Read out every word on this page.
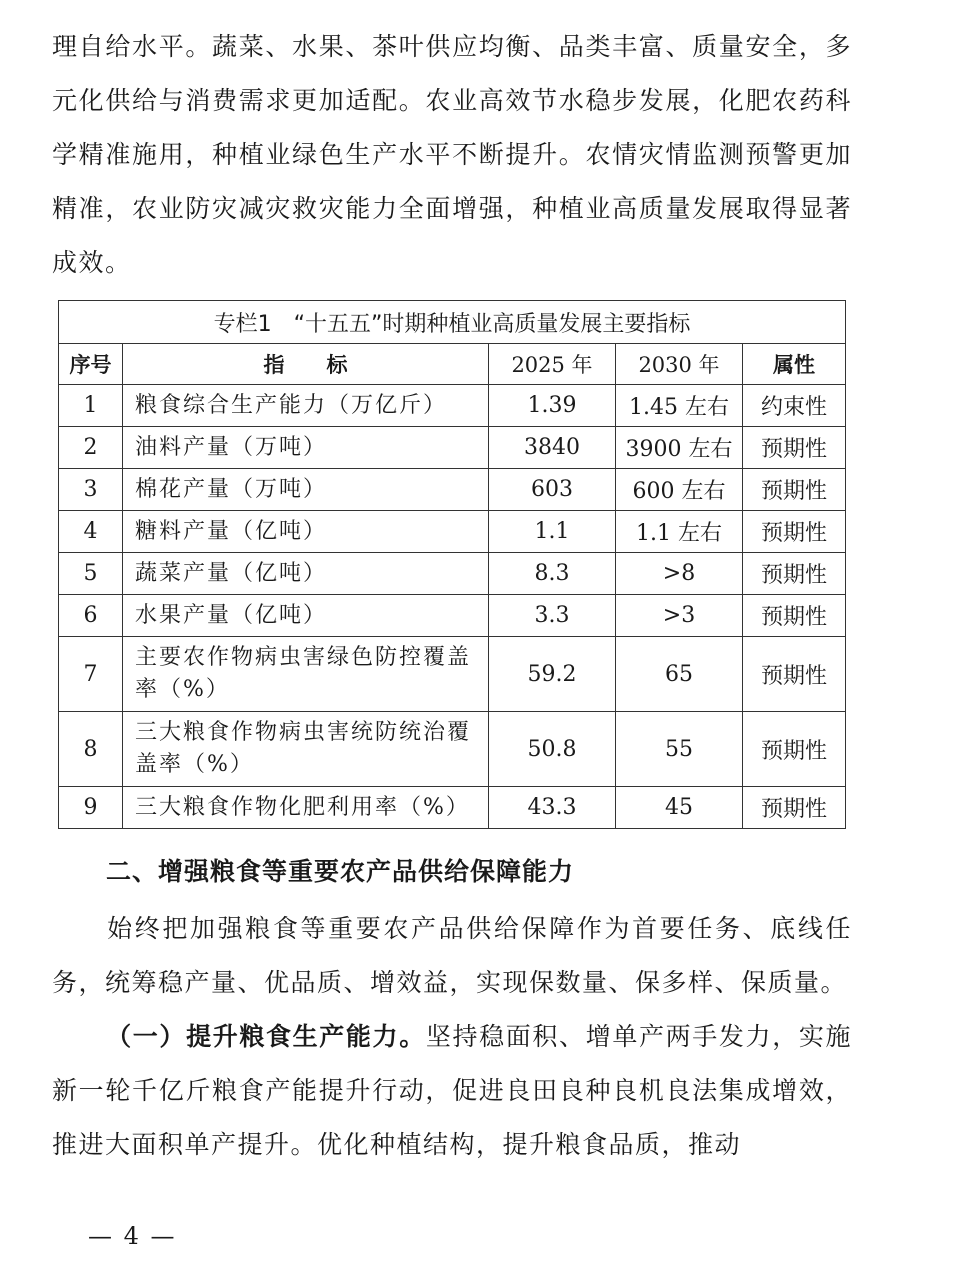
理自给水平。蔬菜、水果、茶叶供应均衡、品类丰富、质量安全，多元化供给与消费需求更加适配。农业高效节水稳步发展，化肥农药科学精准施用，种植业绿色生产水平不断提升。农情灾情监测预警更加精准，农业防灾减灾救灾能力全面增强，种植业高质量发展取得显著成效。

专栏1　“十五五”时期种植业高质量发展主要指标				
序号	指　　标	2025 年	2030 年	属性
1	粮食综合生产能力（万亿斤）	1.39	1.45 左右	约束性
2	油料产量（万吨）	3840	3900 左右	预期性
3	棉花产量（万吨）	603	600 左右	预期性
4	糖料产量（亿吨）	1.1	1.1 左右	预期性
5	蔬菜产量（亿吨）	8.3	>8	预期性
6	水果产量（亿吨）	3.3	>3	预期性
7	主要农作物病虫害绿色防控覆盖率（%）	59.2	65	预期性
8	三大粮食作物病虫害统防统治覆盖率（%）	50.8	55	预期性
9	三大粮食作物化肥利用率（%）	43.3	45	预期性
二、增强粮食等重要农产品供给保障能力

始终把加强粮食等重要农产品供给保障作为首要任务、底线任务，统筹稳产量、优品质、增效益，实现保数量、保多样、保质量。

（一）提升粮食生产能力。坚持稳面积、增单产两手发力，实施新一轮千亿斤粮食产能提升行动，促进良田良种良机良法集成增效，推进大面积单产提升。优化种植结构，提升粮食品质，推动

— 4 —
